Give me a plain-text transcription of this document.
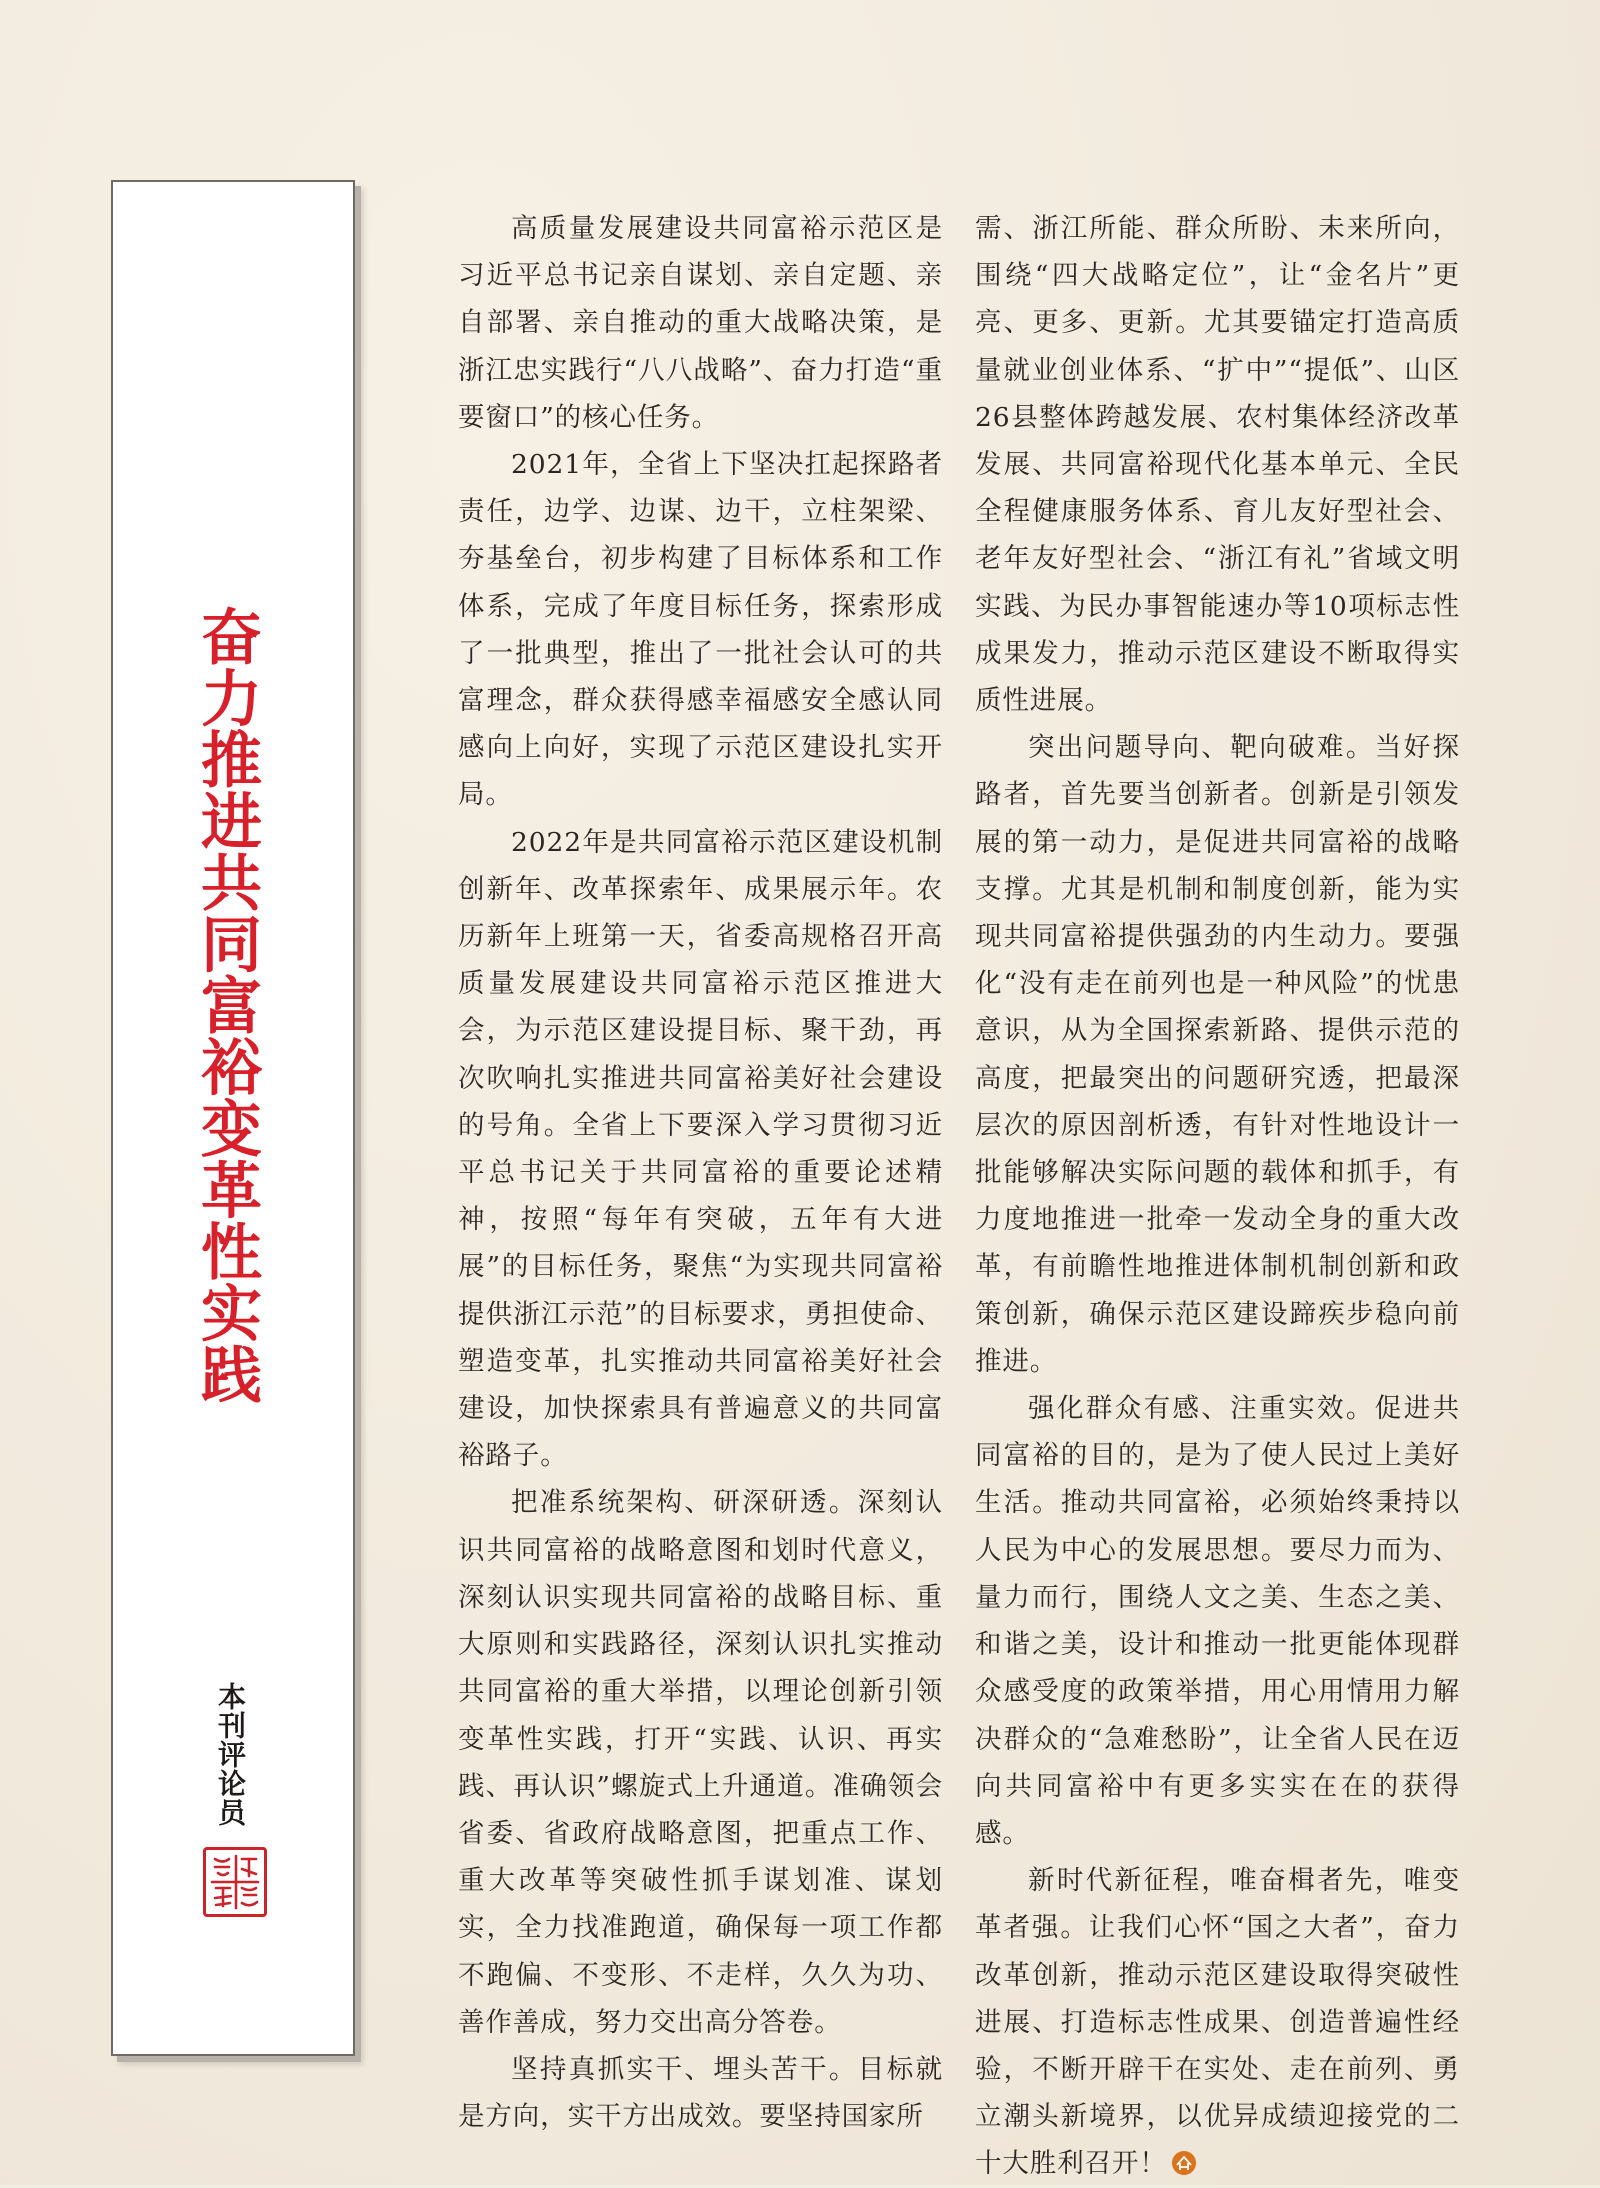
奋力推进共同富裕变革性实践
本刊评论员

高质量发展建设共同富裕示范区是习近平总书记亲自谋划、亲自定题、亲自部署、亲自推动的重大战略决策，是浙江忠实践行“八八战略”、奋力打造“重要窗口”的核心任务。

2021年，全省上下坚决扛起探路者责任，边学、边谋、边干，立柱架梁、夯基垒台，初步构建了目标体系和工作体系，完成了年度目标任务，探索形成了一批典型，推出了一批社会认可的共富理念，群众获得感幸福感安全感认同感向上向好，实现了示范区建设扎实开局。

2022年是共同富裕示范区建设机制创新年、改革探索年、成果展示年。农历新年上班第一天，省委高规格召开高质量发展建设共同富裕示范区推进大会，为示范区建设提目标、聚干劲，再次吹响扎实推进共同富裕美好社会建设的号角。全省上下要深入学习贯彻习近平总书记关于共同富裕的重要论述精神，按照“每年有突破，五年有大进展”的目标任务，聚焦“为实现共同富裕提供浙江示范”的目标要求，勇担使命、塑造变革，扎实推动共同富裕美好社会建设，加快探索具有普遍意义的共同富裕路子。

把准系统架构、研深研透。深刻认识共同富裕的战略意图和划时代意义，深刻认识实现共同富裕的战略目标、重大原则和实践路径，深刻认识扎实推动共同富裕的重大举措，以理论创新引领变革性实践，打开“实践、认识、再实践、再认识”螺旋式上升通道。准确领会省委、省政府战略意图，把重点工作、重大改革等突破性抓手谋划准、谋划实，全力找准跑道，确保每一项工作都不跑偏、不变形、不走样，久久为功、善作善成，努力交出高分答卷。

坚持真抓实干、埋头苦干。目标就是方向，实干方出成效。要坚持国家所

需、浙江所能、群众所盼、未来所向，围绕“四大战略定位”，让“金名片”更亮、更多、更新。尤其要锚定打造高质量就业创业体系、“扩中”“提低”、山区26县整体跨越发展、农村集体经济改革发展、共同富裕现代化基本单元、全民全程健康服务体系、育儿友好型社会、老年友好型社会、“浙江有礼”省域文明实践、为民办事智能速办等10项标志性成果发力，推动示范区建设不断取得实质性进展。

突出问题导向、靶向破难。当好探路者，首先要当创新者。创新是引领发展的第一动力，是促进共同富裕的战略支撑。尤其是机制和制度创新，能为实现共同富裕提供强劲的内生动力。要强化“没有走在前列也是一种风险”的忧患意识，从为全国探索新路、提供示范的高度，把最突出的问题研究透，把最深层次的原因剖析透，有针对性地设计一批能够解决实际问题的载体和抓手，有力度地推进一批牵一发动全身的重大改革，有前瞻性地推进体制机制创新和政策创新，确保示范区建设蹄疾步稳向前推进。

强化群众有感、注重实效。促进共同富裕的目的，是为了使人民过上美好生活。推动共同富裕，必须始终秉持以人民为中心的发展思想。要尽力而为、量力而行，围绕人文之美、生态之美、和谐之美，设计和推动一批更能体现群众感受度的政策举措，用心用情用力解决群众的“急难愁盼”，让全省人民在迈向共同富裕中有更多实实在在的获得感。

新时代新征程，唯奋楫者先，唯变革者强。让我们心怀“国之大者”，奋力改革创新，推动示范区建设取得突破性进展、打造标志性成果、创造普遍性经验，不断开辟干在实处、走在前列、勇立潮头新境界，以优异成绩迎接党的二十大胜利召开！
